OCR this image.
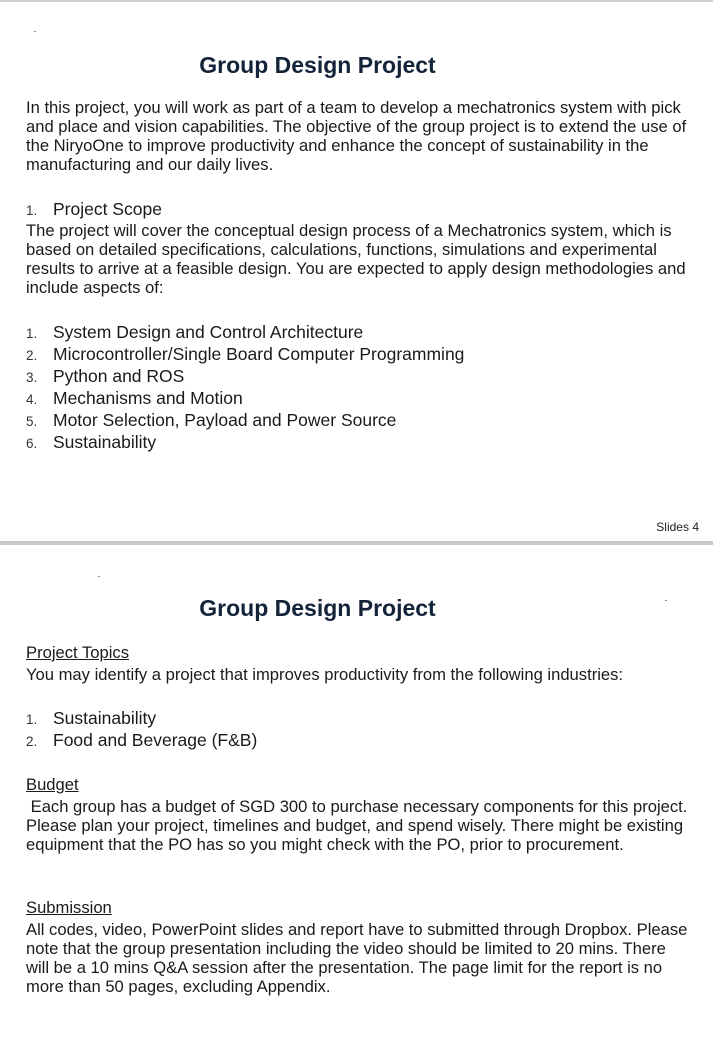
Group Design Project

In this project, you will work as part of a team to develop a mechatronics system with pick and place and vision capabilities. The objective of the group project is to extend the use of the NiryoOne to improve productivity and enhance the concept of sustainability in the manufacturing and our daily lives.

1. Project Scope

The project will cover the conceptual design process of a Mechatronics system, which is based on detailed specifications, calculations, functions, simulations and experimental results to arrive at a feasible design. You are expected to apply design methodologies and include aspects of:

1. System Design and Control Architecture
2. Microcontroller/Single Board Computer Programming
3. Python and ROS
4. Mechanisms and Motion
5. Motor Selection, Payload and Power Source
6. Sustainability
Slides 4
Group Design Project

Project Topics

You may identify a project that improves productivity from the following industries:

1. Sustainability
2. Food and Beverage (F&B)

Budget

Each group has a budget of SGD 300 to purchase necessary components for this project. Please plan your project, timelines and budget, and spend wisely. There might be existing equipment that the PO has so you might check with the PO, prior to procurement.

Submission

All codes, video, PowerPoint slides and report have to submitted through Dropbox. Please note that the group presentation including the video should be limited to 20 mins. There will be a 10 mins Q&A session after the presentation. The page limit for the report is no more than 50 pages, excluding Appendix.
